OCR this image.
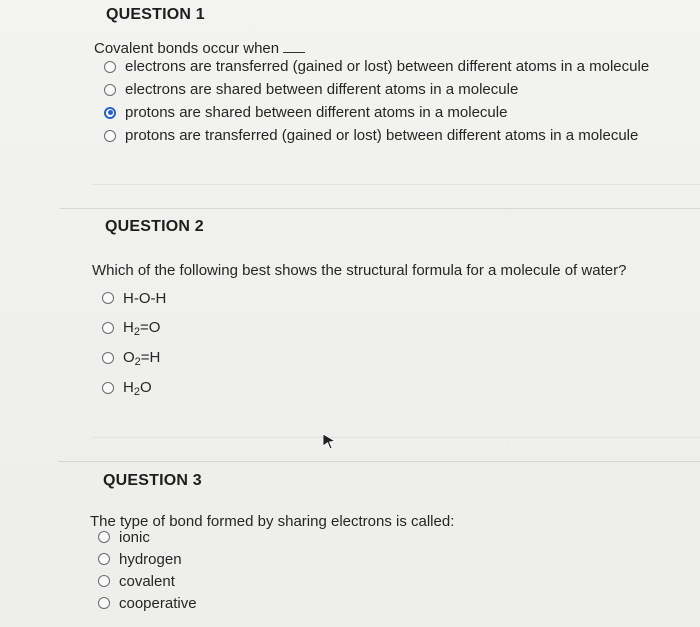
QUESTION 1
Covalent bonds occur when
electrons are transferred (gained or lost) between different atoms in a molecule
electrons are shared between different atoms in a molecule
protons are shared between different atoms in a molecule
protons are transferred (gained or lost) between different atoms in a molecule
QUESTION 2
Which of the following best shows the structural formula for a molecule of water?
H-O-H
$H_2=O$
$O_2=H$
$H_2O$
QUESTION 3
The type of bond formed by sharing electrons is called:
ionic
hydrogen
covalent
cooperative
